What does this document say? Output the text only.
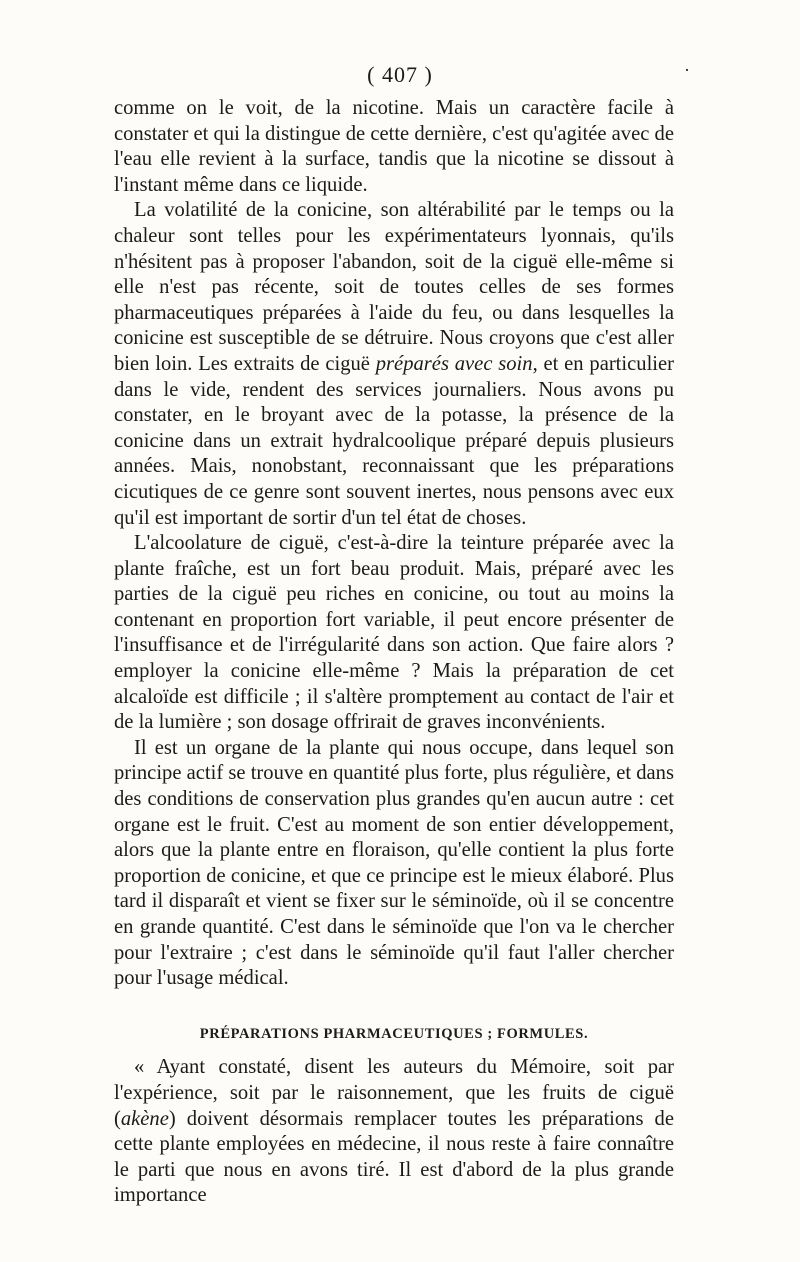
( 407 )	·

comme on le voit, de la nicotine. Mais un caractère facile à constater et qui la distingue de cette dernière, c'est qu'agitée avec de l'eau elle revient à la surface, tandis que la nicotine se dissout à l'instant même dans ce liquide.

La volatilité de la conicine, son altérabilité par le temps ou la chaleur sont telles pour les expérimentateurs lyonnais, qu'ils n'hésitent pas à proposer l'abandon, soit de la ciguë elle-même si elle n'est pas récente, soit de toutes celles de ses formes pharmaceutiques préparées à l'aide du feu, ou dans lesquelles la conicine est susceptible de se détruire. Nous croyons que c'est aller bien loin. Les extraits de ciguë préparés avec soin, et en particulier dans le vide, rendent des services journaliers. Nous avons pu constater, en le broyant avec de la potasse, la présence de la conicine dans un extrait hydralcoolique préparé depuis plusieurs années. Mais, nonobstant, reconnaissant que les préparations cicutiques de ce genre sont souvent inertes, nous pensons avec eux qu'il est important de sortir d'un tel état de choses.

L'alcoolature de ciguë, c'est-à-dire la teinture préparée avec la plante fraîche, est un fort beau produit. Mais, préparé avec les parties de la ciguë peu riches en conicine, ou tout au moins la contenant en proportion fort variable, il peut encore présenter de l'insuffisance et de l'irrégularité dans son action. Que faire alors ? employer la conicine elle-même ? Mais la préparation de cet alcaloïde est difficile ; il s'altère promptement au contact de l'air et de la lumière ; son dosage offrirait de graves inconvénients.

Il est un organe de la plante qui nous occupe, dans lequel son principe actif se trouve en quantité plus forte, plus régulière, et dans des conditions de conservation plus grandes qu'en aucun autre : cet organe est le fruit. C'est au moment de son entier développement, alors que la plante entre en floraison, qu'elle contient la plus forte proportion de conicine, et que ce principe est le mieux élaboré. Plus tard il disparaît et vient se fixer sur le séminoïde, où il se concentre en grande quantité. C'est dans le séminoïde que l'on va le chercher pour l'extraire ; c'est dans le séminoïde qu'il faut l'aller chercher pour l'usage médical.

PRÉPARATIONS PHARMACEUTIQUES ; FORMULES.

« Ayant constaté, disent les auteurs du Mémoire, soit par l'expérience, soit par le raisonnement, que les fruits de ciguë (akène) doivent désormais remplacer toutes les préparations de cette plante employées en médecine, il nous reste à faire connaître le parti que nous en avons tiré. Il est d'abord de la plus grande importance
